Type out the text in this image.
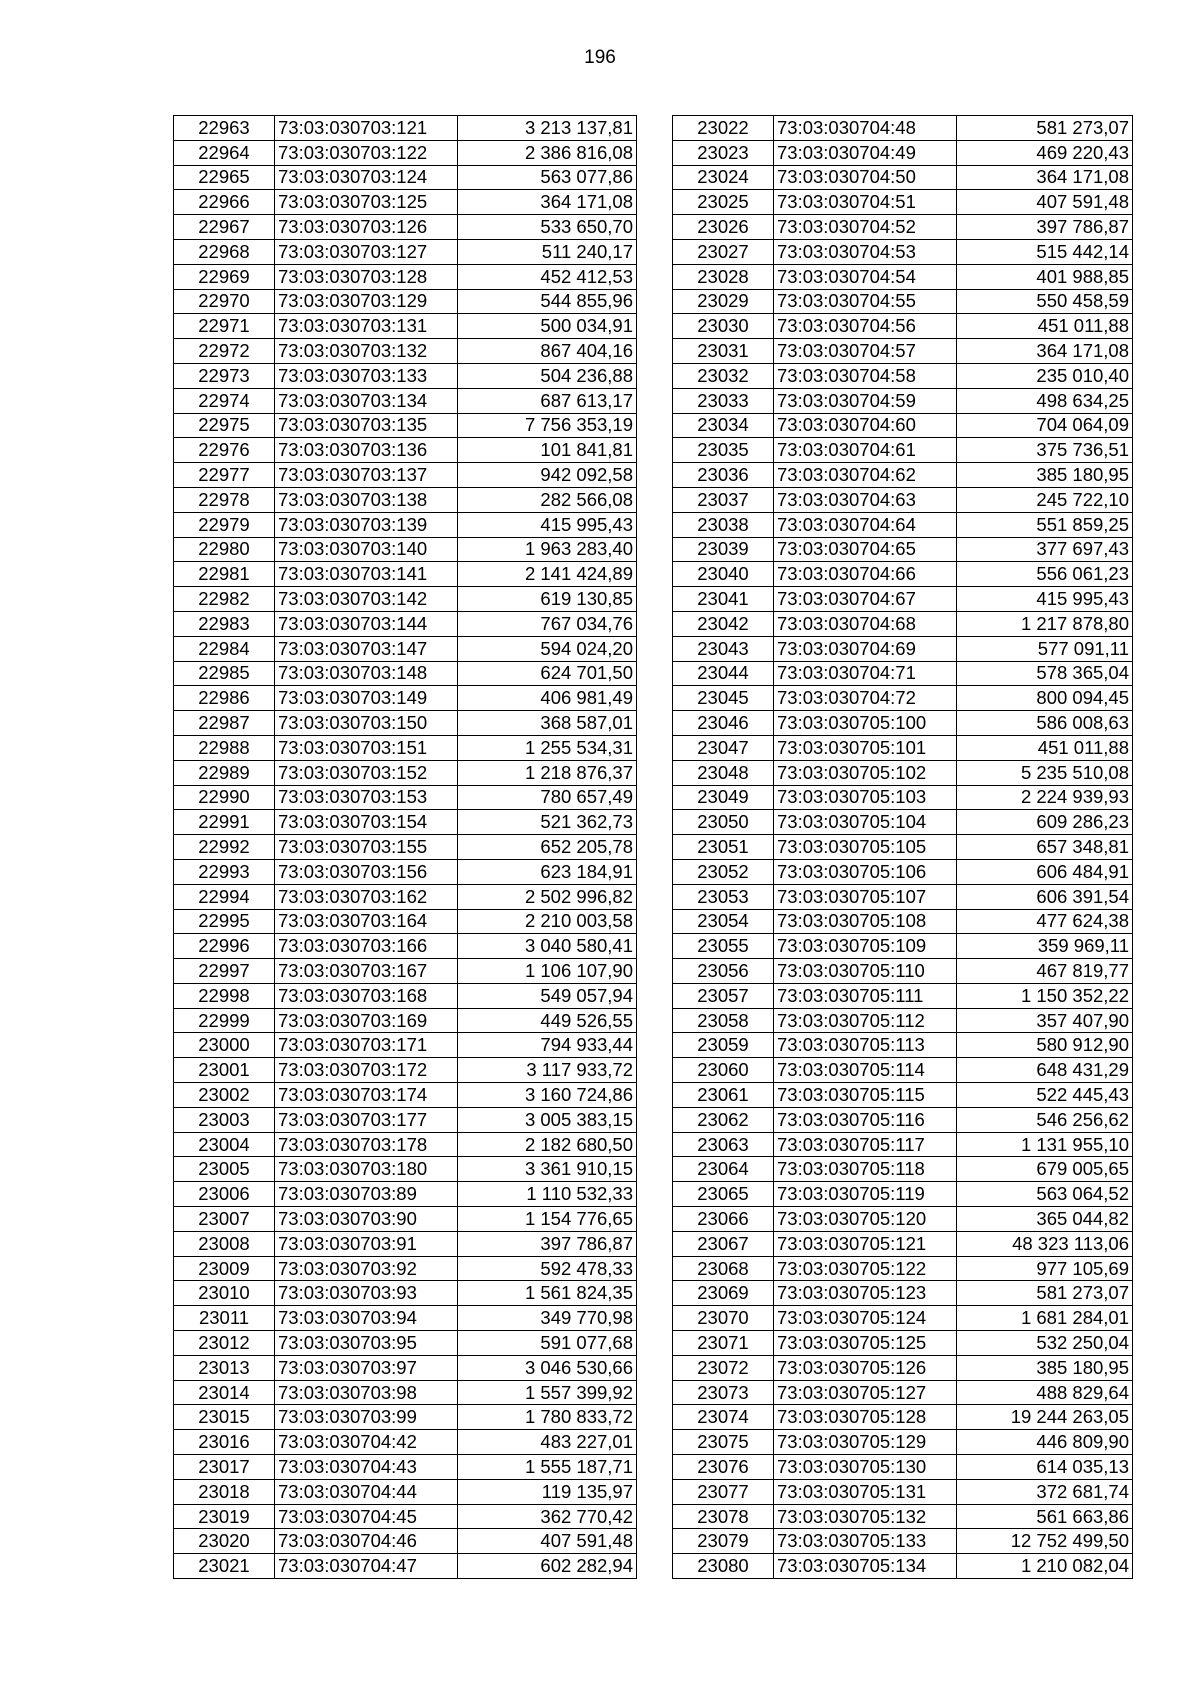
196
22963	73:03:030703:121	3 213 137,81
22964	73:03:030703:122	2 386 816,08
22965	73:03:030703:124	563 077,86
22966	73:03:030703:125	364 171,08
22967	73:03:030703:126	533 650,70
22968	73:03:030703:127	511 240,17
22969	73:03:030703:128	452 412,53
22970	73:03:030703:129	544 855,96
22971	73:03:030703:131	500 034,91
22972	73:03:030703:132	867 404,16
22973	73:03:030703:133	504 236,88
22974	73:03:030703:134	687 613,17
22975	73:03:030703:135	7 756 353,19
22976	73:03:030703:136	101 841,81
22977	73:03:030703:137	942 092,58
22978	73:03:030703:138	282 566,08
22979	73:03:030703:139	415 995,43
22980	73:03:030703:140	1 963 283,40
22981	73:03:030703:141	2 141 424,89
22982	73:03:030703:142	619 130,85
22983	73:03:030703:144	767 034,76
22984	73:03:030703:147	594 024,20
22985	73:03:030703:148	624 701,50
22986	73:03:030703:149	406 981,49
22987	73:03:030703:150	368 587,01
22988	73:03:030703:151	1 255 534,31
22989	73:03:030703:152	1 218 876,37
22990	73:03:030703:153	780 657,49
22991	73:03:030703:154	521 362,73
22992	73:03:030703:155	652 205,78
22993	73:03:030703:156	623 184,91
22994	73:03:030703:162	2 502 996,82
22995	73:03:030703:164	2 210 003,58
22996	73:03:030703:166	3 040 580,41
22997	73:03:030703:167	1 106 107,90
22998	73:03:030703:168	549 057,94
22999	73:03:030703:169	449 526,55
23000	73:03:030703:171	794 933,44
23001	73:03:030703:172	3 117 933,72
23002	73:03:030703:174	3 160 724,86
23003	73:03:030703:177	3 005 383,15
23004	73:03:030703:178	2 182 680,50
23005	73:03:030703:180	3 361 910,15
23006	73:03:030703:89	1 110 532,33
23007	73:03:030703:90	1 154 776,65
23008	73:03:030703:91	397 786,87
23009	73:03:030703:92	592 478,33
23010	73:03:030703:93	1 561 824,35
23011	73:03:030703:94	349 770,98
23012	73:03:030703:95	591 077,68
23013	73:03:030703:97	3 046 530,66
23014	73:03:030703:98	1 557 399,92
23015	73:03:030703:99	1 780 833,72
23016	73:03:030704:42	483 227,01
23017	73:03:030704:43	1 555 187,71
23018	73:03:030704:44	119 135,97
23019	73:03:030704:45	362 770,42
23020	73:03:030704:46	407 591,48
23021	73:03:030704:47	602 282,94
23022	73:03:030704:48	581 273,07
23023	73:03:030704:49	469 220,43
23024	73:03:030704:50	364 171,08
23025	73:03:030704:51	407 591,48
23026	73:03:030704:52	397 786,87
23027	73:03:030704:53	515 442,14
23028	73:03:030704:54	401 988,85
23029	73:03:030704:55	550 458,59
23030	73:03:030704:56	451 011,88
23031	73:03:030704:57	364 171,08
23032	73:03:030704:58	235 010,40
23033	73:03:030704:59	498 634,25
23034	73:03:030704:60	704 064,09
23035	73:03:030704:61	375 736,51
23036	73:03:030704:62	385 180,95
23037	73:03:030704:63	245 722,10
23038	73:03:030704:64	551 859,25
23039	73:03:030704:65	377 697,43
23040	73:03:030704:66	556 061,23
23041	73:03:030704:67	415 995,43
23042	73:03:030704:68	1 217 878,80
23043	73:03:030704:69	577 091,11
23044	73:03:030704:71	578 365,04
23045	73:03:030704:72	800 094,45
23046	73:03:030705:100	586 008,63
23047	73:03:030705:101	451 011,88
23048	73:03:030705:102	5 235 510,08
23049	73:03:030705:103	2 224 939,93
23050	73:03:030705:104	609 286,23
23051	73:03:030705:105	657 348,81
23052	73:03:030705:106	606 484,91
23053	73:03:030705:107	606 391,54
23054	73:03:030705:108	477 624,38
23055	73:03:030705:109	359 969,11
23056	73:03:030705:110	467 819,77
23057	73:03:030705:111	1 150 352,22
23058	73:03:030705:112	357 407,90
23059	73:03:030705:113	580 912,90
23060	73:03:030705:114	648 431,29
23061	73:03:030705:115	522 445,43
23062	73:03:030705:116	546 256,62
23063	73:03:030705:117	1 131 955,10
23064	73:03:030705:118	679 005,65
23065	73:03:030705:119	563 064,52
23066	73:03:030705:120	365 044,82
23067	73:03:030705:121	48 323 113,06
23068	73:03:030705:122	977 105,69
23069	73:03:030705:123	581 273,07
23070	73:03:030705:124	1 681 284,01
23071	73:03:030705:125	532 250,04
23072	73:03:030705:126	385 180,95
23073	73:03:030705:127	488 829,64
23074	73:03:030705:128	19 244 263,05
23075	73:03:030705:129	446 809,90
23076	73:03:030705:130	614 035,13
23077	73:03:030705:131	372 681,74
23078	73:03:030705:132	561 663,86
23079	73:03:030705:133	12 752 499,50
23080	73:03:030705:134	1 210 082,04
